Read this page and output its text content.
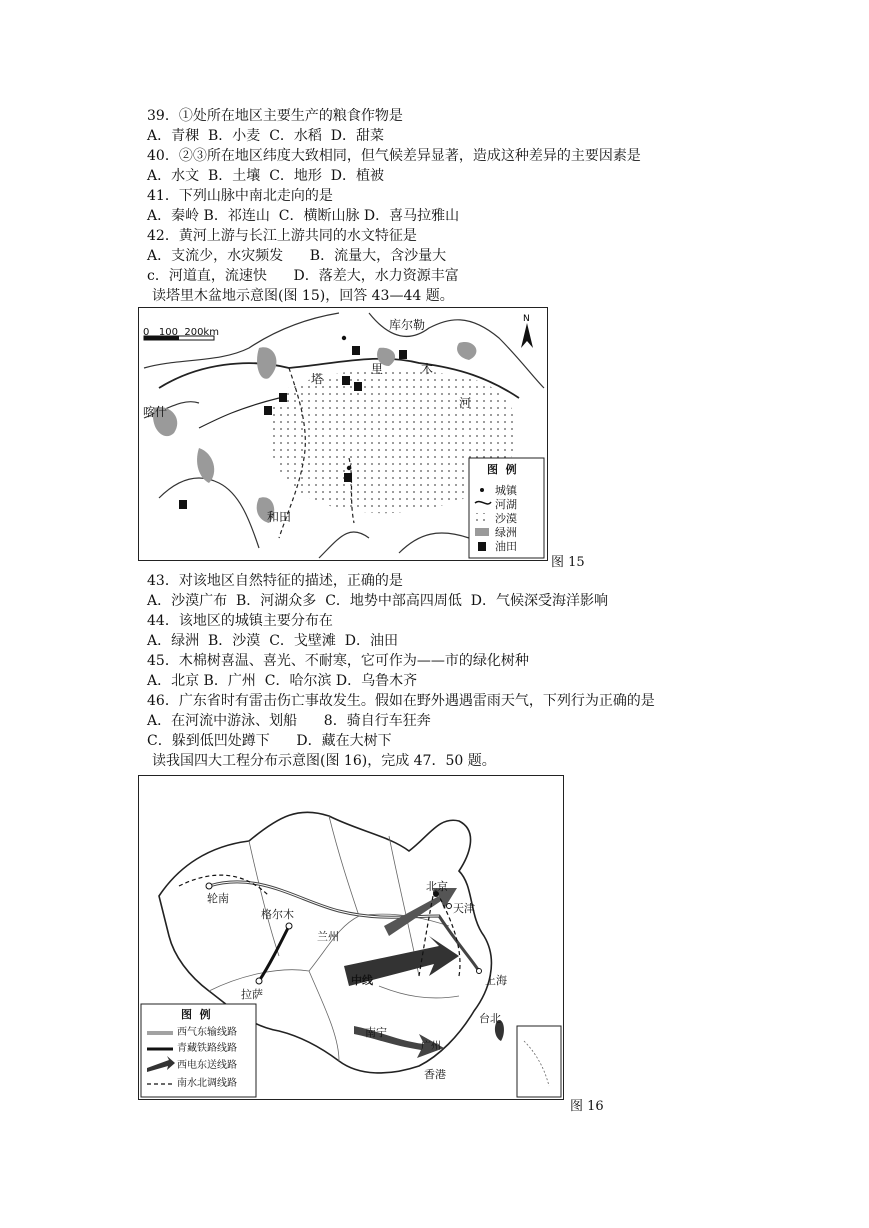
39．①处所在地区主要生产的粮食作物是
A．青稞  B．小麦  C．水稻  D．甜菜
40．②③所在地区纬度大致相同，但气候差异显著，造成这种差异的主要因素是
A．水文  B．土壤  C．地形  D．植被
41．下列山脉中南北走向的是
A．秦岭 B．祁连山  C．横断山脉 D．喜马拉雅山
42．黄河上游与长江上游共同的水文特征是
A．支流少，水灾频发      B．流量大，含沙量大
c．河道直，流速快      D．落差大，水力资源丰富
读塔里木盆地示意图(图 15)，回答 43—44 题。
N
0   100  200km
库尔勒
喀什
和田
塔
里	木
河
图  例
城镇
河湖
沙漠
绿洲
油田
图 15
43．对该地区自然特征的描述，正确的是
A．沙漠广布  B．河湖众多  C．地势中部高四周低  D．气候深受海洋影响
44．该地区的城镇主要分布在
A．绿洲  B．沙漠  C．戈壁滩  D．油田
45．木棉树喜温、喜光、不耐寒，它可作为——市的绿化树种
A．北京 B．广州  C．哈尔滨 D．乌鲁木齐
46．广东省时有雷击伤亡事故发生。假如在野外遇遇雷雨天气，下列行为正确的是
A．在河流中游泳、划船      8．骑自行车狂奔
C．躲到低凹处蹲下      D．藏在大树下
读我国四大工程分布示意图(图 16)，完成 47．50 题。
轮南
格尔木
兰州
拉萨
北京
天津
上海
台北
香港
广州
南宁
中线
图  例
西气东输线路
青藏铁路线路
西电东送线路
南水北调线路
图 16
